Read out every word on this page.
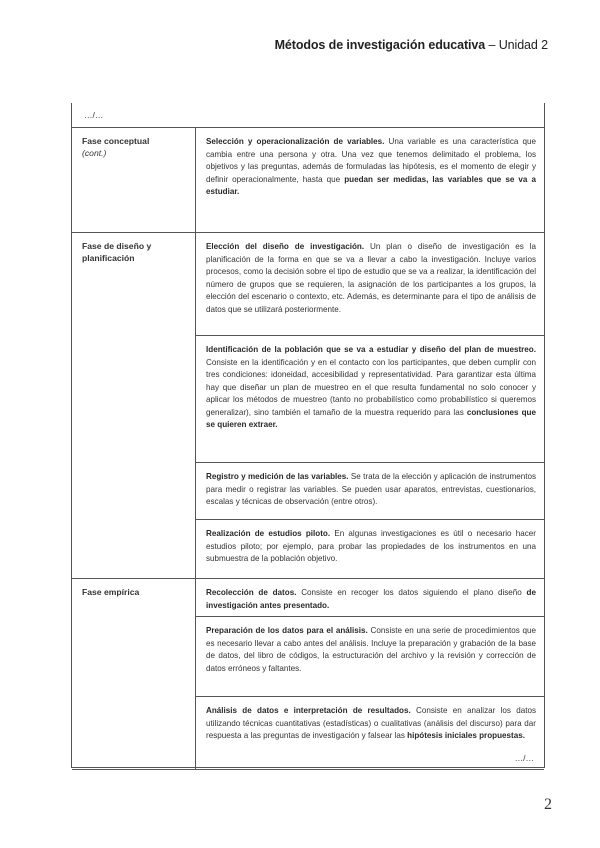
Métodos de investigación educativa – Unidad 2
…/…
Fase conceptual
(cont.)
Selección y operacionalización de variables. Una variable es una característica que cambia entre una persona y otra. Una vez que tenemos delimitado el problema, los objetivos y las preguntas, además de formuladas las hipótesis, es el momento de elegir y definir operacionalmente, hasta que puedan ser medidas, las variables que se va a estudiar.
Fase de diseño y planificación
Elección del diseño de investigación. Un plan o diseño de investigación es la planificación de la forma en que se va a llevar a cabo la investigación. Incluye varios procesos, como la decisión sobre el tipo de estudio que se va a realizar, la identificación del número de grupos que se requieren, la asignación de los participantes a los grupos, la elección del escenario o contexto, etc. Además, es determinante para el tipo de análisis de datos que se utilizará posteriormente.
Identificación de la población que se va a estudiar y diseño del plan de muestreo. Consiste en la identificación y en el contacto con los participantes, que deben cumplir con tres condiciones: idoneidad, accesibilidad y representatividad. Para garantizar esta última hay que diseñar un plan de muestreo en el que resulta fundamental no solo conocer y aplicar los métodos de muestreo (tanto no probabilístico como probabilístico si queremos generalizar), sino también el tamaño de la muestra requerido para las conclusiones que se quieren extraer.
Registro y medición de las variables. Se trata de la elección y aplicación de instrumentos para medir o registrar las variables. Se pueden usar aparatos, entrevistas, cuestionarios, escalas y técnicas de observación (entre otros).
Realización de estudios piloto. En algunas investigaciones es útil o necesario hacer estudios piloto; por ejemplo, para probar las propiedades de los instrumentos en una submuestra de la población objetivo.
Fase empírica	Recolección de datos. Consiste en recoger los datos siguiendo el plano diseño de investigación antes presentado.
Preparación de los datos para el análisis. Consiste en una serie de procedimientos que es necesario llevar a cabo antes del análisis. Incluye la preparación y grabación de la base de datos, del libro de códigos, la estructuración del archivo y la revisión y corrección de datos erróneos y faltantes.
Análisis de datos e interpretación de resultados. Consiste en analizar los datos utilizando técnicas cuantitativas (estadísticas) o cualitativas (análisis del discurso) para dar respuesta a las preguntas de investigación y falsear las hipótesis iniciales propuestas.
…/…
2
